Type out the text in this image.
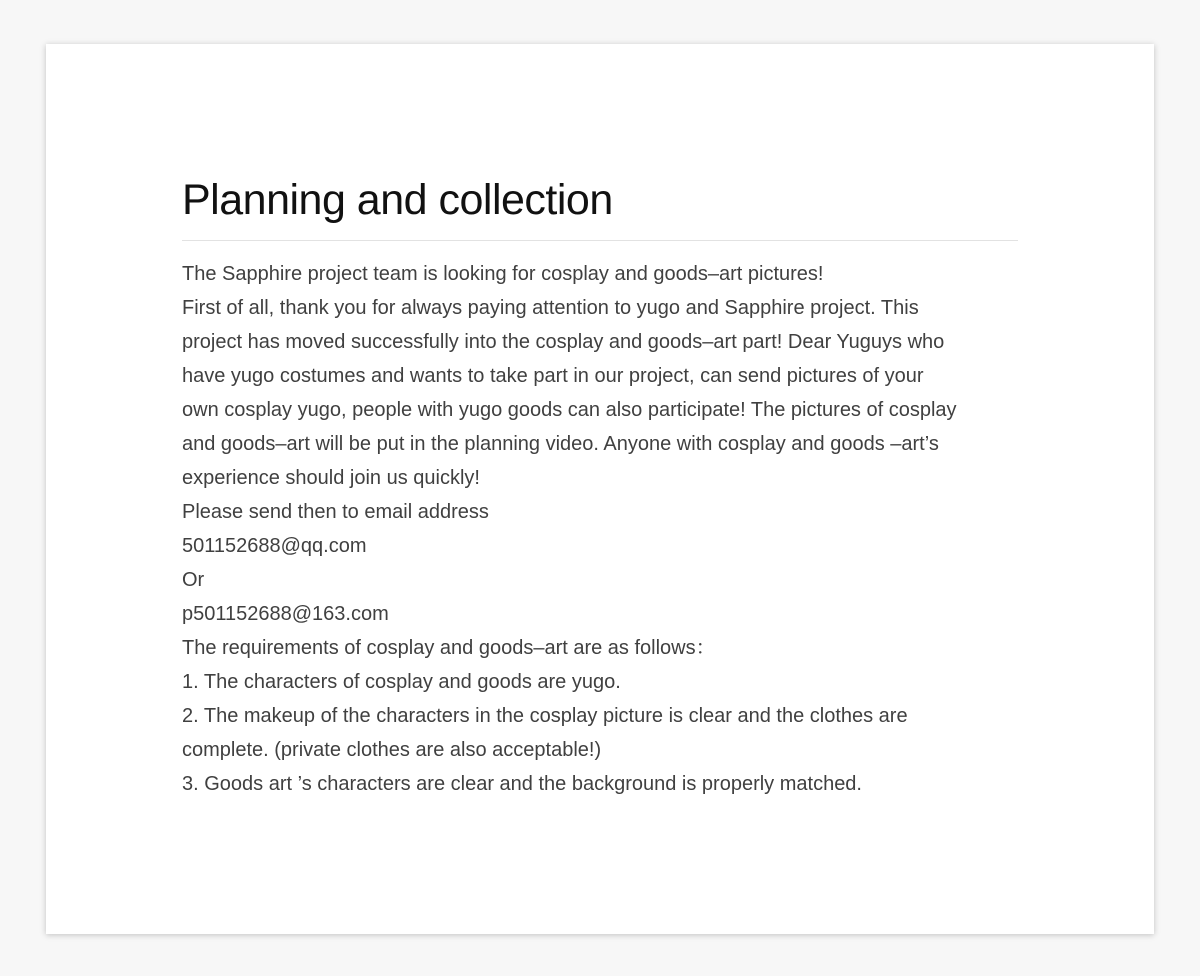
Planning and collection
The Sapphire project team is looking for cosplay and goods–art pictures!
First of all, thank you for always paying attention to yugo and Sapphire project. This
project has moved successfully into the cosplay and goods–art part! Dear Yuguys who
have yugo costumes and wants to take part in our project, can send pictures of your
own cosplay yugo, people with yugo goods can also participate! The pictures of cosplay
and goods–art will be put in the planning video. Anyone with cosplay and goods –art’s
experience should join us quickly!
Please send then to email address
501152688@qq.com
Or
p501152688@163.com
The requirements of cosplay and goods–art are as follows：
1. The characters of cosplay and goods are yugo.
2. The makeup of the characters in the cosplay picture is clear and the clothes are
complete. (private clothes are also acceptable!)
3. Goods art ’s characters are clear and the background is properly matched.
